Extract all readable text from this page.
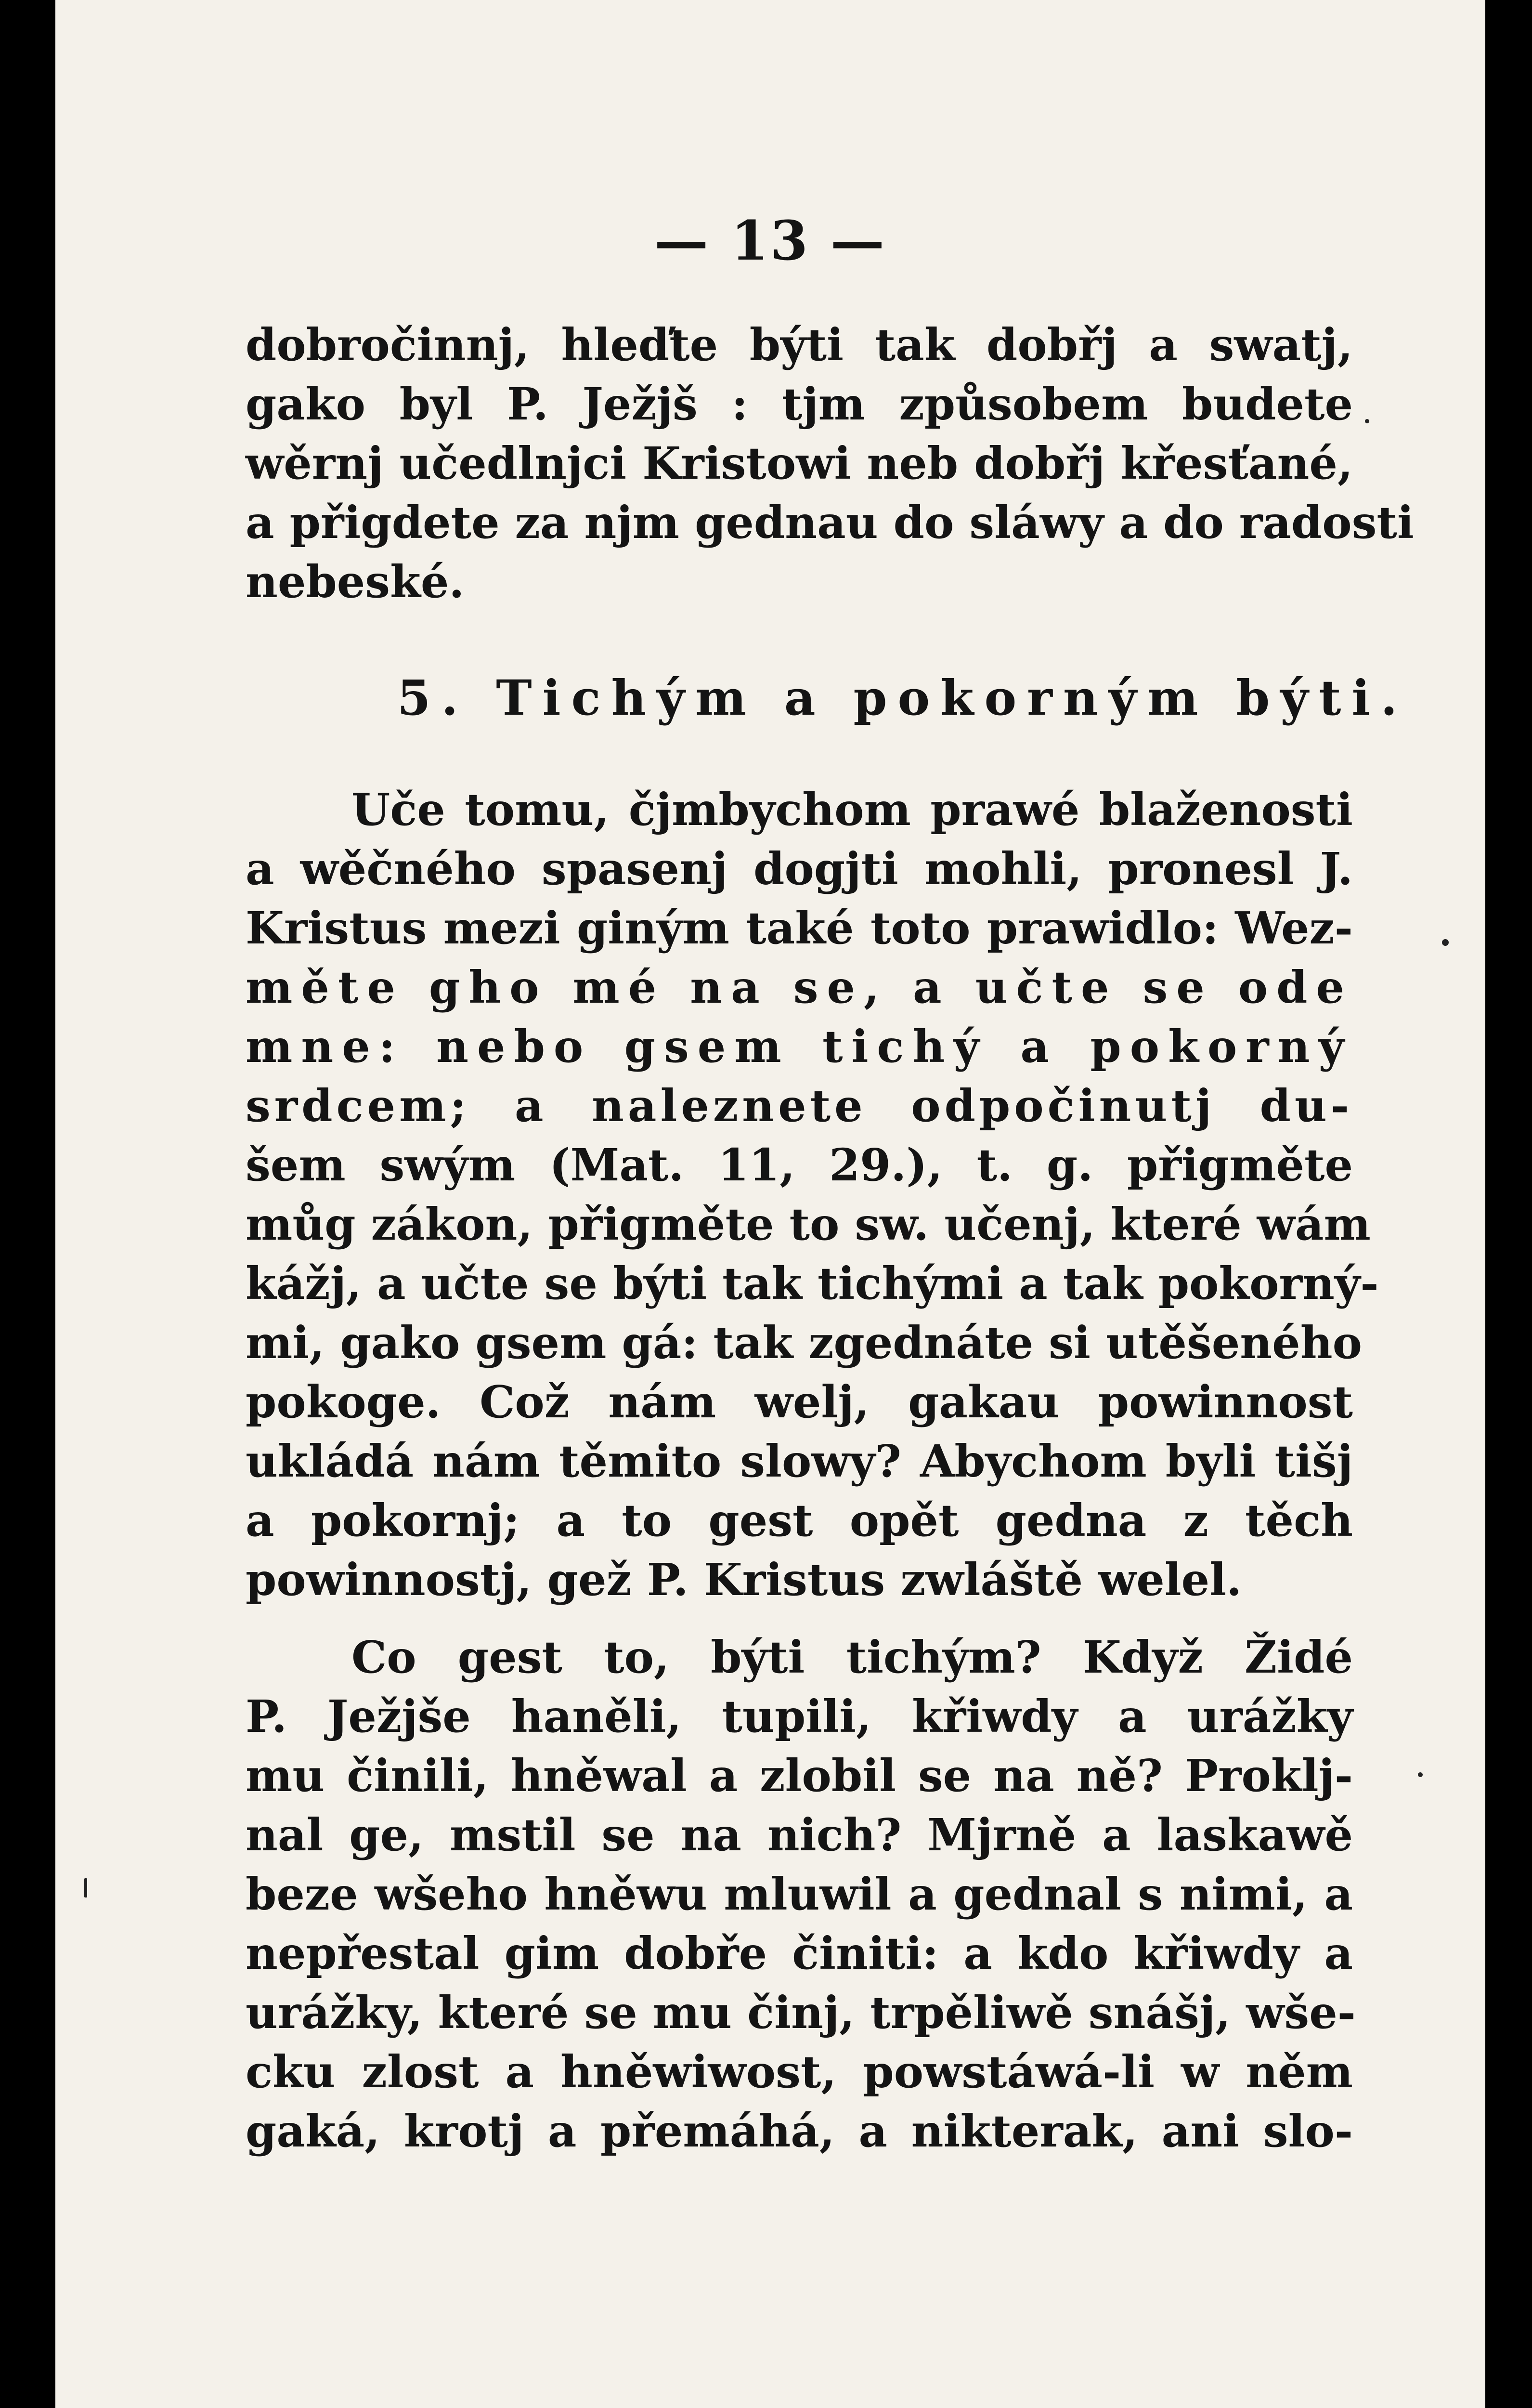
— 13 —
dobročinnj, hleďte býti tak dobřj a swatj,
gako byl P. Ježjš : tjm způsobem budete
wěrnj učedlnjci Kristowi neb dobřj křesťané,
a přigdete za njm gednau do sláwy a do radosti
nebeské.
5. Tichým a pokorným býti.
Uče tomu, čjmbychom prawé blaženosti
a wěčného spasenj dogjti mohli, pronesl J.
Kristus mezi giným také toto prawidlo: Wez-
měte gho mé na se, a učte se ode
mne: nebo gsem tichý a pokorný
srdcem; a naleznete odpočinutj du-
šem swým (Mat. 11, 29.), t. g. přigměte
můg zákon, přigměte to sw. učenj, které wám
kážj, a učte se býti tak tichými a tak pokorný-
mi, gako gsem gá: tak zgednáte si utěšeného
pokoge. Což nám welj, gakau powinnost
ukládá nám těmito slowy? Abychom byli tišj
a pokornj; a to gest opět gedna z těch
powinnostj, gež P. Kristus zwláště welel.
Co gest to, býti tichým? Když Židé
P. Ježjše haněli, tupili, křiwdy a urážky
mu činili, hněwal a zlobil se na ně? Proklj-
nal ge, mstil se na nich? Mjrně a laskawě
beze wšeho hněwu mluwil a gednal s nimi, a
nepřestal gim dobře činiti: a kdo křiwdy a
urážky, které se mu činj, trpěliwě snášj, wše-
cku zlost a hněwiwost, powstáwá-li w něm
gaká, krotj a přemáhá, a nikterak, ani slo-
